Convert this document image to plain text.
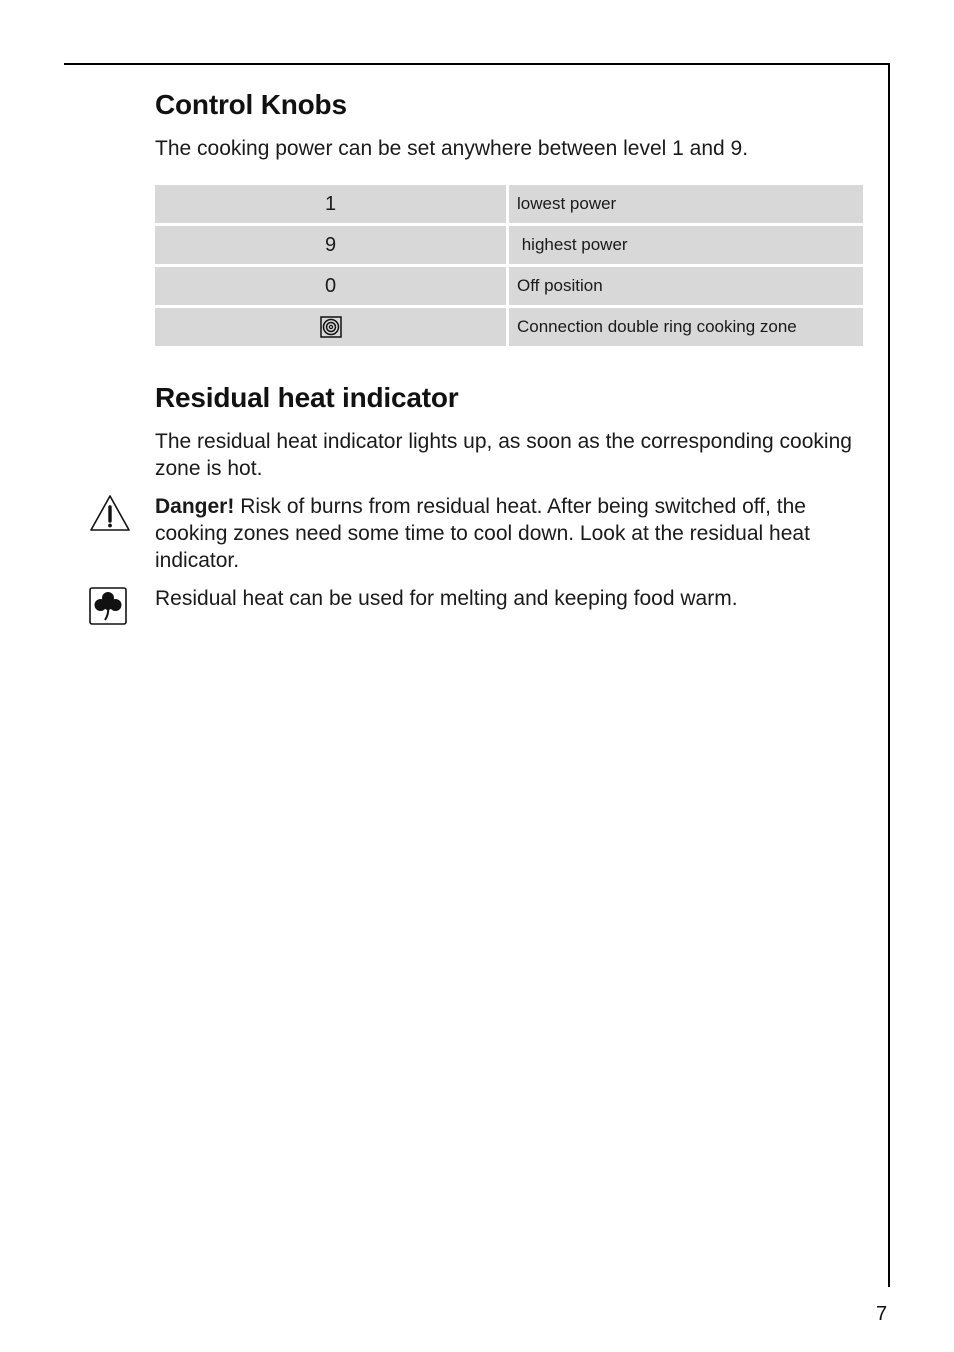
Control Knobs

The cooking power can be set anywhere between level 1 and 9.

1	lowest power
9	highest power
0	Off position
	Connection double ring cooking zone
Residual heat indicator

The residual heat indicator lights up, as soon as the corresponding cooking zone is hot.

Danger! Risk of burns from residual heat. After being switched off, the cooking zones need some time to cool down. Look at the residual heat indicator.

Residual heat can be used for melting and keeping food warm.

7
